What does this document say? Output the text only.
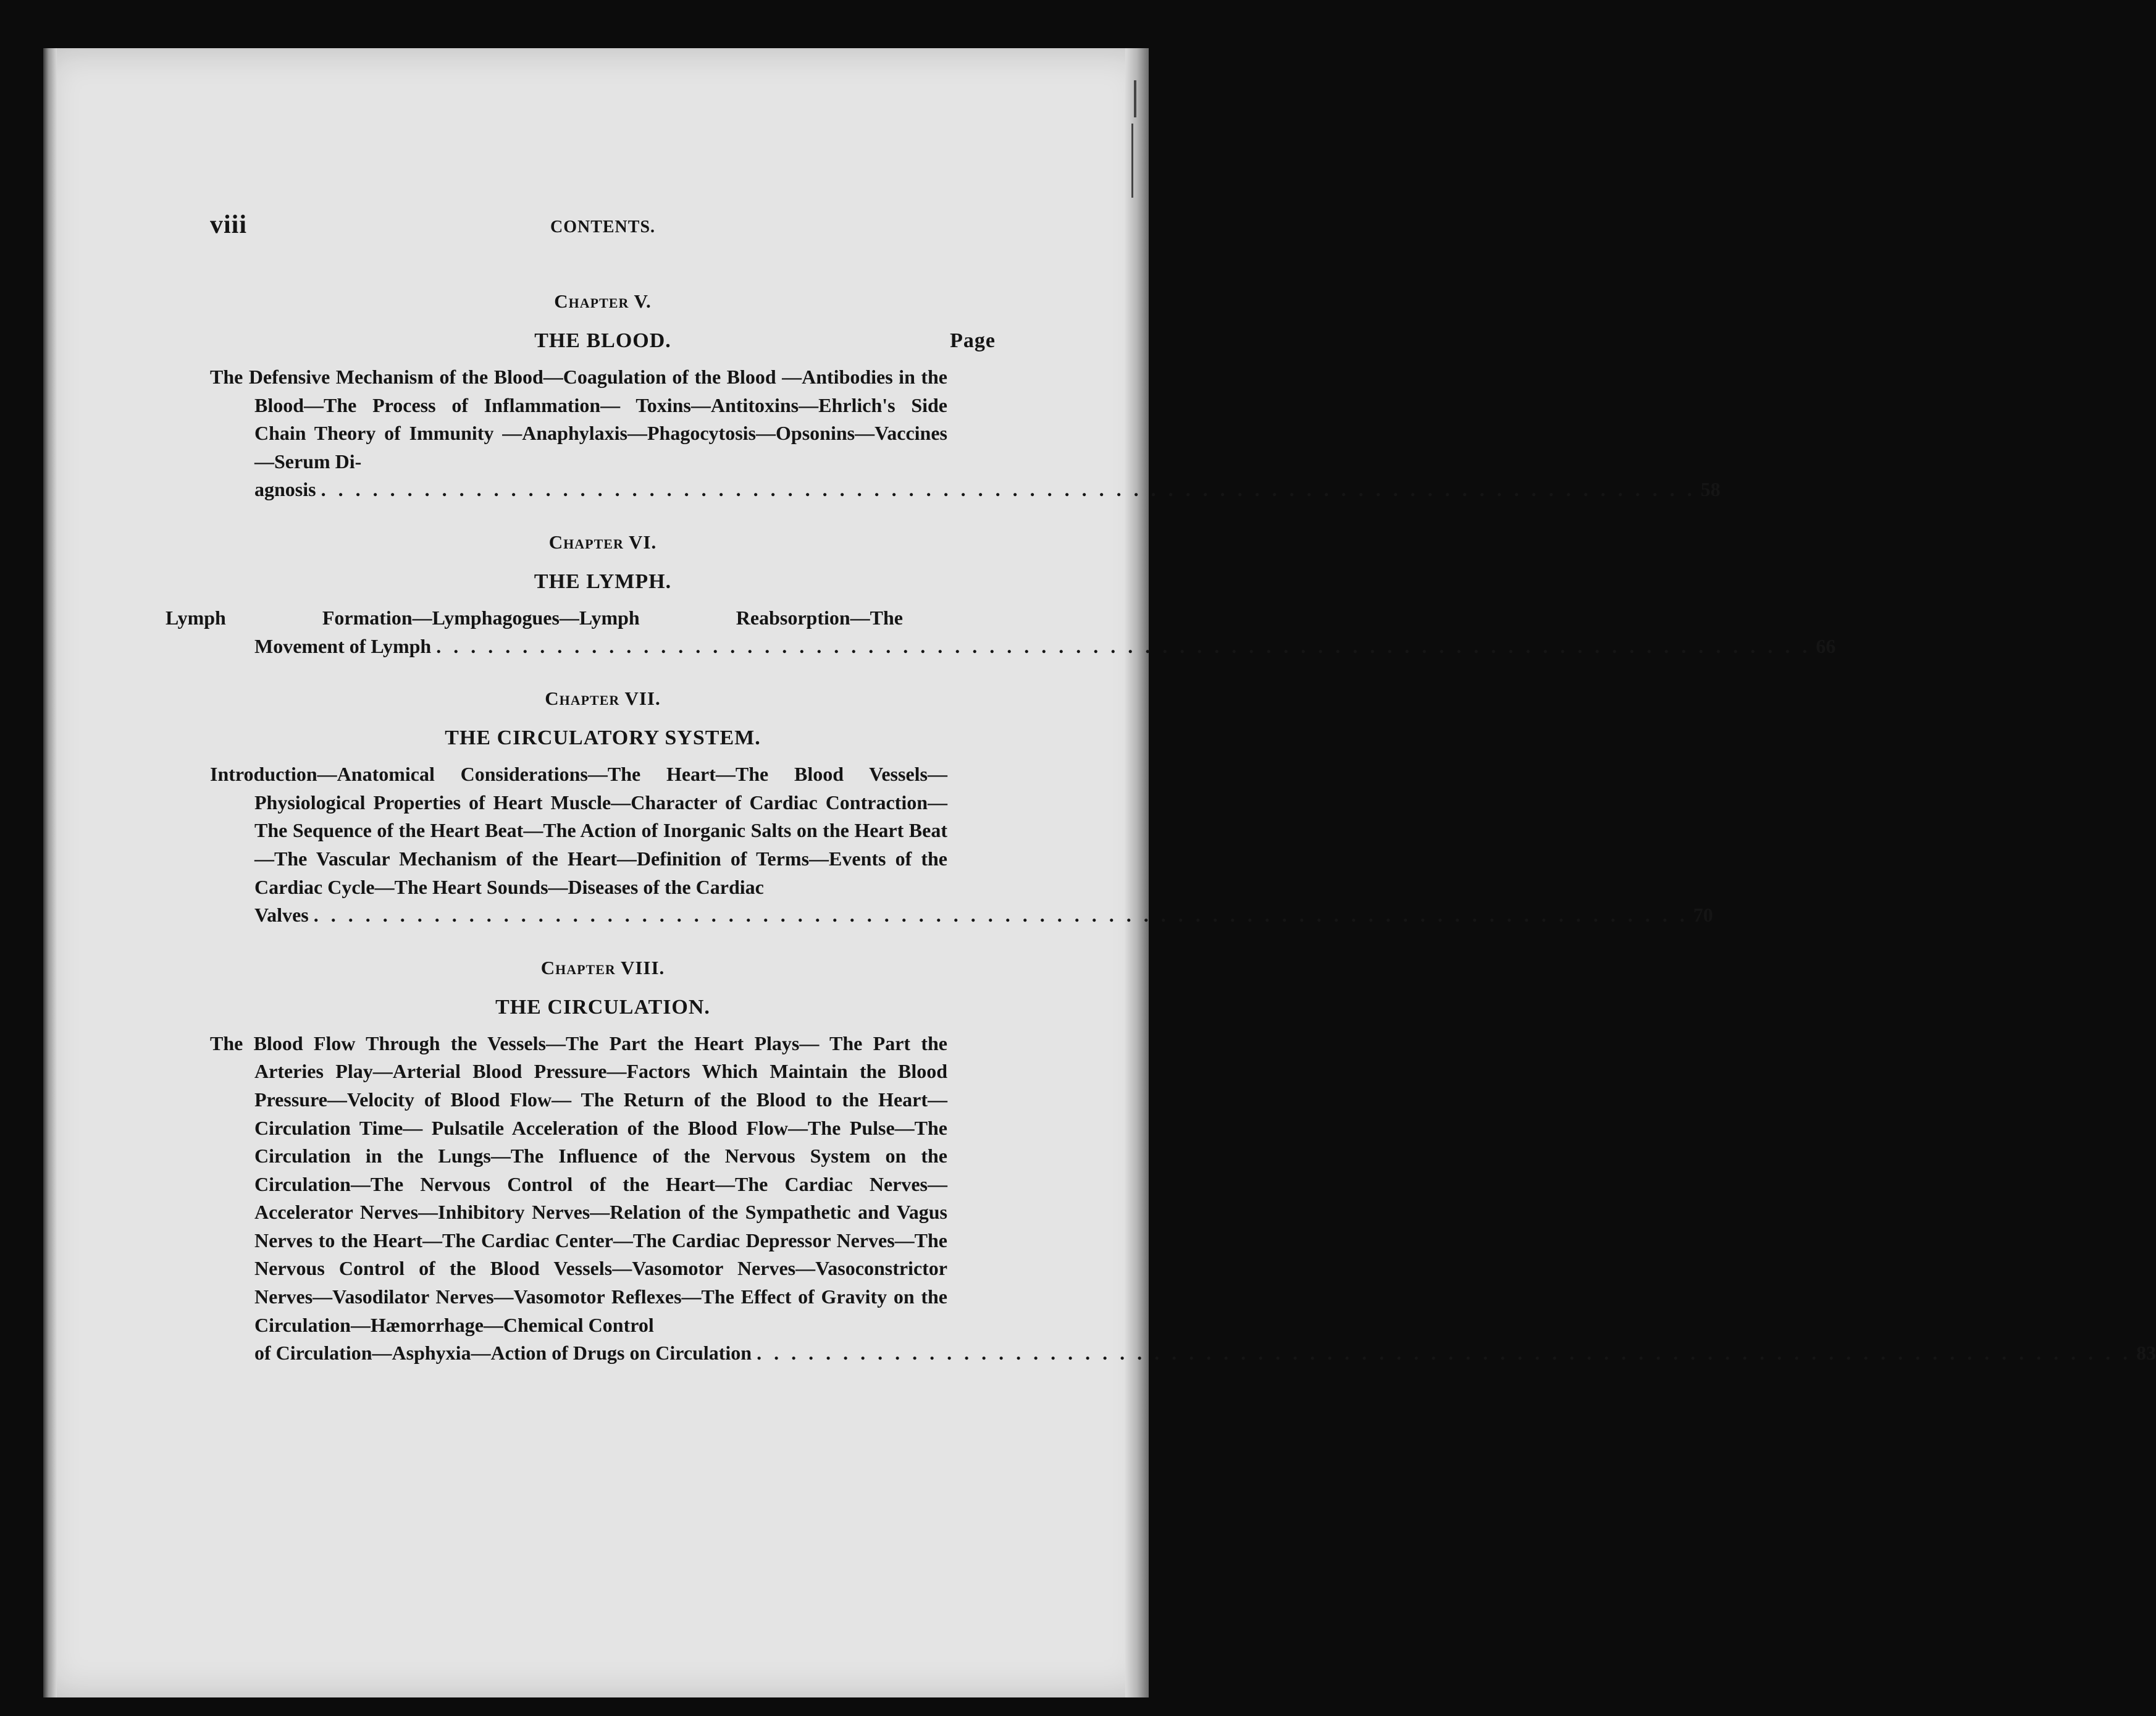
viii	CONTENTS.
Chapter V.
THE BLOOD.	Page
The Defensive Mechanism of the Blood—Coagulation of the Blood —Antibodies in the Blood—The Process of Inflammation— Toxins—Antitoxins—Ehrlich's Side Chain Theory of Immunity —Anaphylaxis—Phagocytosis—Opsonins—Vaccines—Serum Di-
agnosis . . . . . . . . . . . . . . . . . . . . . . . . . . . . . . . . . . . . . . . . . . . . . . . . . . . . . . . . . . . . . . . . . . . . . . . . . . . . . . . . 58
Chapter VI.
THE LYMPH.
Lymph Formation—Lymphagogues—Lymph Reabsorption—The
Movement of Lymph . . . . . . . . . . . . . . . . . . . . . . . . . . . . . . . . . . . . . . . . . . . . . . . . . . . . . . . . . . . . . . . . . . . . . . . . . . . . . . . . 66
Chapter VII.
THE CIRCULATORY SYSTEM.
Introduction—Anatomical Considerations—The Heart—The Blood Vessels—Physiological Properties of Heart Muscle—Character of Cardiac Contraction—The Sequence of the Heart Beat—The Action of Inorganic Salts on the Heart Beat—The Vascular Mechanism of the Heart—Definition of Terms—Events of the Cardiac Cycle—The Heart Sounds—Diseases of the Cardiac
Valves . . . . . . . . . . . . . . . . . . . . . . . . . . . . . . . . . . . . . . . . . . . . . . . . . . . . . . . . . . . . . . . . . . . . . . . . . . . . . . . . 70
Chapter VIII.
THE CIRCULATION.
The Blood Flow Through the Vessels—The Part the Heart Plays— The Part the Arteries Play—Arterial Blood Pressure—Factors Which Maintain the Blood Pressure—Velocity of Blood Flow— The Return of the Blood to the Heart—Circulation Time— Pulsatile Acceleration of the Blood Flow—The Pulse—The Circulation in the Lungs—The Influence of the Nervous System on the Circulation—The Nervous Control of the Heart—The Cardiac Nerves—Accelerator Nerves—Inhibitory Nerves—Relation of the Sympathetic and Vagus Nerves to the Heart—The Cardiac Center—The Cardiac Depressor Nerves—The Nervous Control of the Blood Vessels—Vasomotor Nerves—Vasoconstrictor Nerves—Vasodilator Nerves—Vasomotor Reflexes—The Effect of Gravity on the Circulation—Hæmorrhage—Chemical Control
of Circulation—Asphyxia—Action of Drugs on Circulation . . . . . . . . . . . . . . . . . . . . . . . . . . . . . . . . . . . . . . . . . . . . . . . . . . . . . . . . . . . . . . . . . . . . . . . . . . . . . . . . 83
